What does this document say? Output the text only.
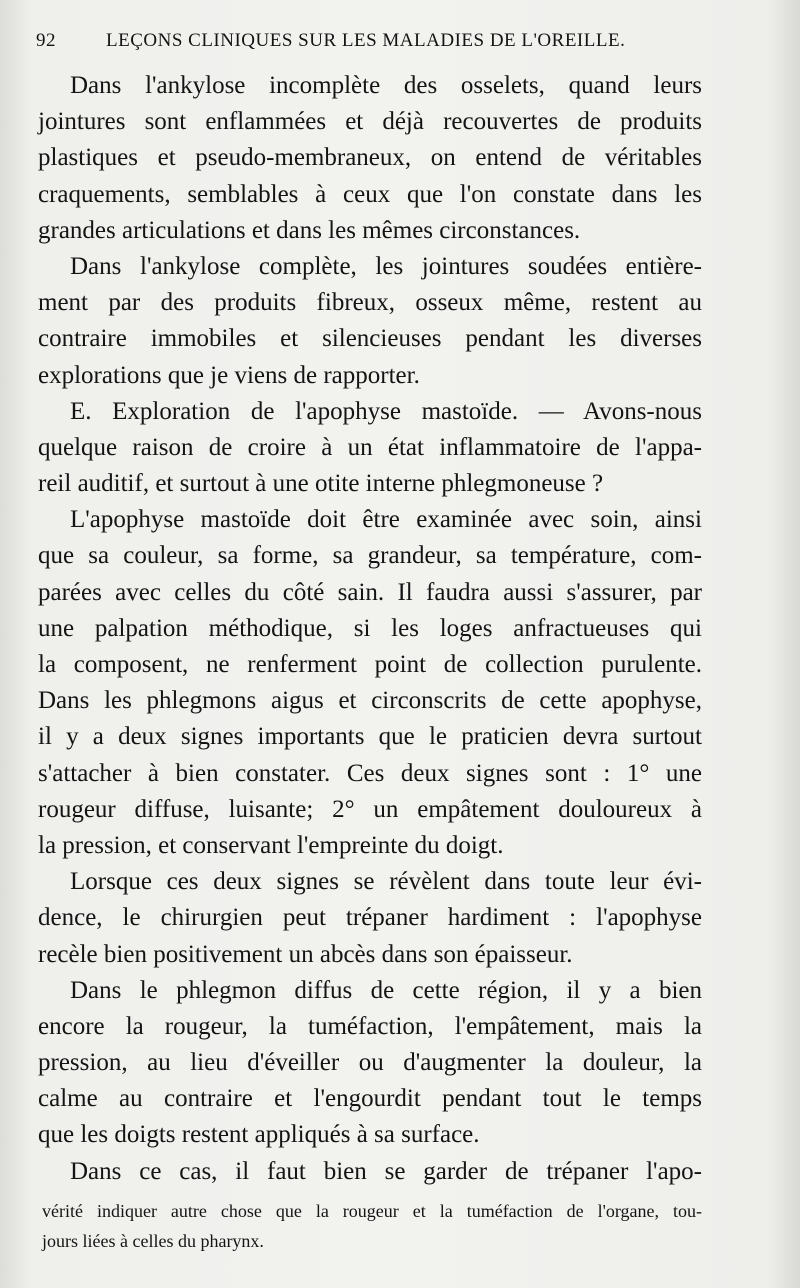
92	LEÇONS CLINIQUES SUR LES MALADIES DE L'OREILLE.
Dans l'ankylose incomplète des osselets, quand leurs
jointures sont enflammées et déjà recouvertes de produits
plastiques et pseudo-membraneux, on entend de véritables
craquements, semblables à ceux que l'on constate dans les
grandes articulations et dans les mêmes circonstances.
Dans l'ankylose complète, les jointures soudées entière-
ment par des produits fibreux, osseux même, restent au
contraire immobiles et silencieuses pendant les diverses
explorations que je viens de rapporter.
E. Exploration de l'apophyse mastoïde. — Avons-nous
quelque raison de croire à un état inflammatoire de l'appa-
reil auditif, et surtout à une otite interne phlegmoneuse ?
L'apophyse mastoïde doit être examinée avec soin, ainsi
que sa couleur, sa forme, sa grandeur, sa température, com-
parées avec celles du côté sain. Il faudra aussi s'assurer, par
une palpation méthodique, si les loges anfractueuses qui
la composent, ne renferment point de collection purulente.
Dans les phlegmons aigus et circonscrits de cette apophyse,
il y a deux signes importants que le praticien devra surtout
s'attacher à bien constater. Ces deux signes sont : 1° une
rougeur diffuse, luisante; 2° un empâtement douloureux à
la pression, et conservant l'empreinte du doigt.
Lorsque ces deux signes se révèlent dans toute leur évi-
dence, le chirurgien peut trépaner hardiment : l'apophyse
recèle bien positivement un abcès dans son épaisseur.
Dans le phlegmon diffus de cette région, il y a bien
encore la rougeur, la tuméfaction, l'empâtement, mais la
pression, au lieu d'éveiller ou d'augmenter la douleur, la
calme au contraire et l'engourdit pendant tout le temps
que les doigts restent appliqués à sa surface.
Dans ce cas, il faut bien se garder de trépaner l'apo-
vérité indiquer autre chose que la rougeur et la tuméfaction de l'organe, tou-
jours liées à celles du pharynx.
